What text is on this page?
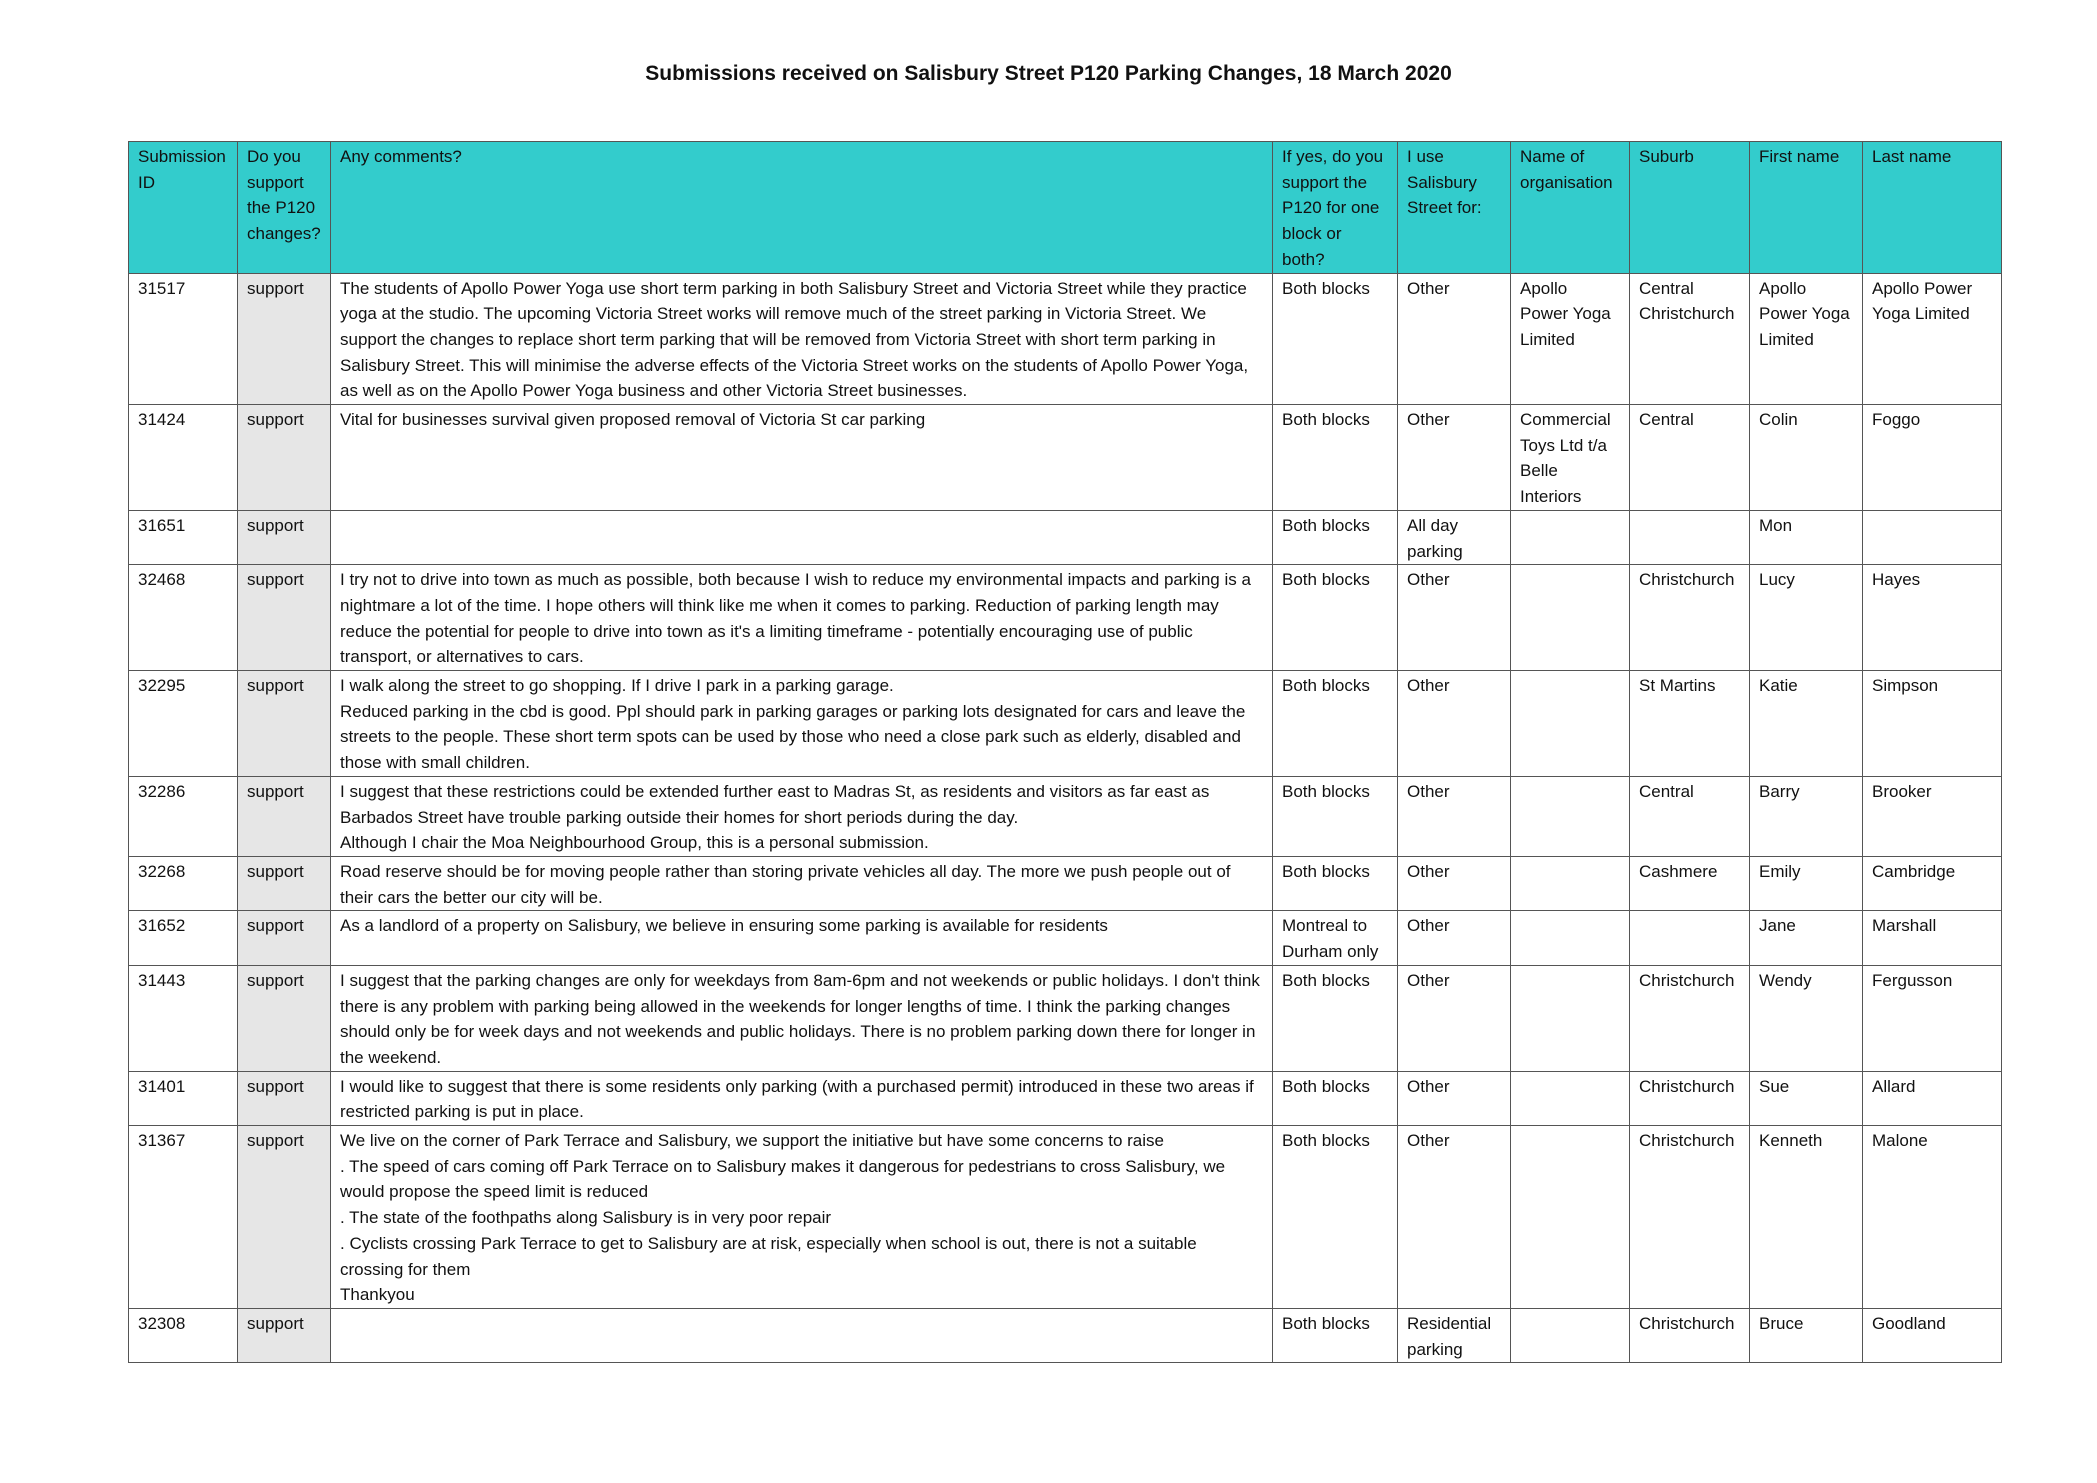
Submissions received on Salisbury Street P120 Parking Changes, 18 March 2020
Submission ID	Do you support the P120 changes?	Any comments?	If yes, do you support the P120 for one block or both?	I use Salisbury Street for:	Name of organisation	Suburb	First name	Last name
31517	support	The students of Apollo Power Yoga use short term parking in both Salisbury Street and Victoria Street while they practice yoga at the studio. The upcoming Victoria Street works will remove much of the street parking in Victoria Street. We support the changes to replace short term parking that will be removed from Victoria Street with short term parking in Salisbury Street. This will minimise the adverse effects of the Victoria Street works on the students of Apollo Power Yoga, as well as on the Apollo Power Yoga business and other Victoria Street businesses.	Both blocks	Other	Apollo Power Yoga Limited	Central Christchurch	Apollo Power Yoga Limited	Apollo Power Yoga Limited
31424	support	Vital for businesses survival given proposed removal of Victoria St car parking	Both blocks	Other	Commercial Toys Ltd t/a Belle Interiors	Central	Colin	Foggo
31651	support		Both blocks	All day parking			Mon	
32468	support	I try not to drive into town as much as possible, both because I wish to reduce my environmental impacts and parking is a nightmare a lot of the time. I hope others will think like me when it comes to parking. Reduction of parking length may reduce the potential for people to drive into town as it's a limiting timeframe - potentially encouraging use of public transport, or alternatives to cars.	Both blocks	Other		Christchurch	Lucy	Hayes
32295	support	I walk along the street to go shopping. If I drive I park in a parking garage.
Reduced parking in the cbd is good. Ppl should park in parking garages or parking lots designated for cars and leave the streets to the people. These short term spots can be used by those who need a close park such as elderly, disabled and those with small children.	Both blocks	Other		St Martins	Katie	Simpson
32286	support	I suggest that these restrictions could be extended further east to Madras St, as residents and visitors as far east as Barbados Street have trouble parking outside their homes for short periods during the day.
Although I chair the Moa Neighbourhood Group, this is a personal submission.	Both blocks	Other		Central	Barry	Brooker
32268	support	Road reserve should be for moving people rather than storing private vehicles all day. The more we push people out of their cars the better our city will be.	Both blocks	Other		Cashmere	Emily	Cambridge
31652	support	As a landlord of a property on Salisbury, we believe in ensuring some parking is available for residents	Montreal to Durham only	Other			Jane	Marshall
31443	support	I suggest that the parking changes are only for weekdays from 8am-6pm and not weekends or public holidays. I don't think there is any problem with parking being allowed in the weekends for longer lengths of time. I think the parking changes should only be for week days and not weekends and public holidays. There is no problem parking down there for longer in the weekend.	Both blocks	Other		Christchurch	Wendy	Fergusson
31401	support	I would like to suggest that there is some residents only parking (with a purchased permit) introduced in these two areas if restricted parking is put in place.	Both blocks	Other		Christchurch	Sue	Allard
31367	support	We live on the corner of Park Terrace and Salisbury, we support the initiative but have some concerns to raise
. The speed of cars coming off Park Terrace on to Salisbury makes it dangerous for pedestrians to cross Salisbury, we would propose the speed limit is reduced
. The state of the foothpaths along Salisbury is in very poor repair
. Cyclists crossing Park Terrace to get to Salisbury are at risk, especially when school is out, there is not a suitable crossing for them
Thankyou	Both blocks	Other		Christchurch	Kenneth	Malone
32308	support		Both blocks	Residential parking		Christchurch	Bruce	Goodland
